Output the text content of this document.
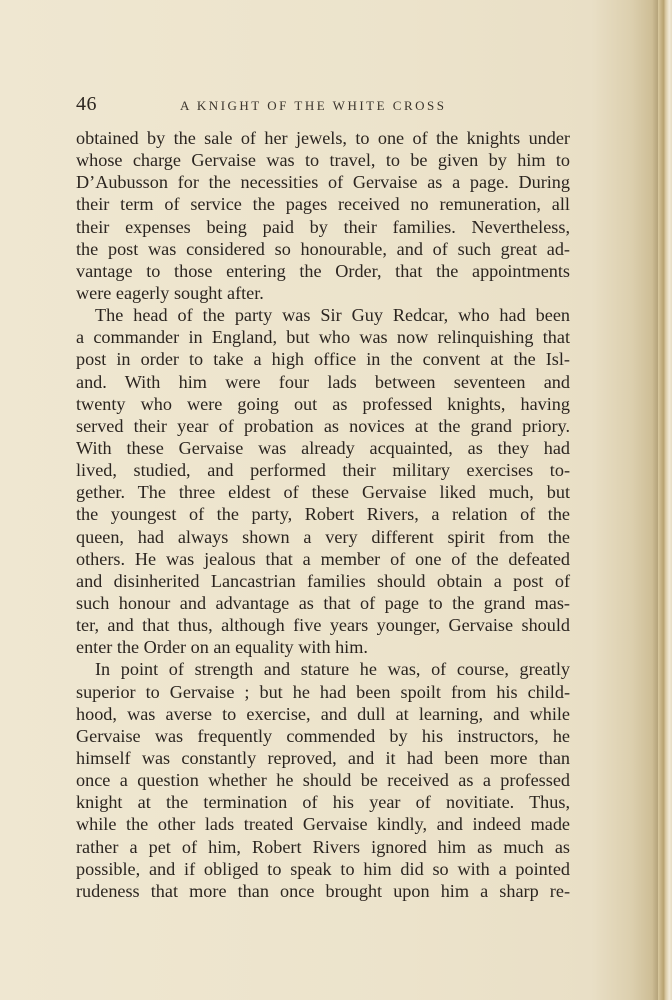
46	A KNIGHT OF THE WHITE CROSS
obtained by the sale of her jewels, to one of the knights under
whose charge Gervaise was to travel, to be given by him to
D’Aubusson for the necessities of Gervaise as a page. During
their term of service the pages received no remuneration, all
their expenses being paid by their families. Nevertheless,
the post was considered so honourable, and of such great ad-
vantage to those entering the Order, that the appointments
were eagerly sought after.
The head of the party was Sir Guy Redcar, who had been
a commander in England, but who was now relinquishing that
post in order to take a high office in the convent at the Isl-
and. With him were four lads between seventeen and
twenty who were going out as professed knights, having
served their year of probation as novices at the grand priory.
With these Gervaise was already acquainted, as they had
lived, studied, and performed their military exercises to-
gether. The three eldest of these Gervaise liked much, but
the youngest of the party, Robert Rivers, a relation of the
queen, had always shown a very different spirit from the
others. He was jealous that a member of one of the defeated
and disinherited Lancastrian families should obtain a post of
such honour and advantage as that of page to the grand mas-
ter, and that thus, although five years younger, Gervaise should
enter the Order on an equality with him.
In point of strength and stature he was, of course, greatly
superior to Gervaise ; but he had been spoilt from his child-
hood, was averse to exercise, and dull at learning, and while
Gervaise was frequently commended by his instructors, he
himself was constantly reproved, and it had been more than
once a question whether he should be received as a professed
knight at the termination of his year of novitiate. Thus,
while the other lads treated Gervaise kindly, and indeed made
rather a pet of him, Robert Rivers ignored him as much as
possible, and if obliged to speak to him did so with a pointed
rudeness that more than once brought upon him a sharp re-
